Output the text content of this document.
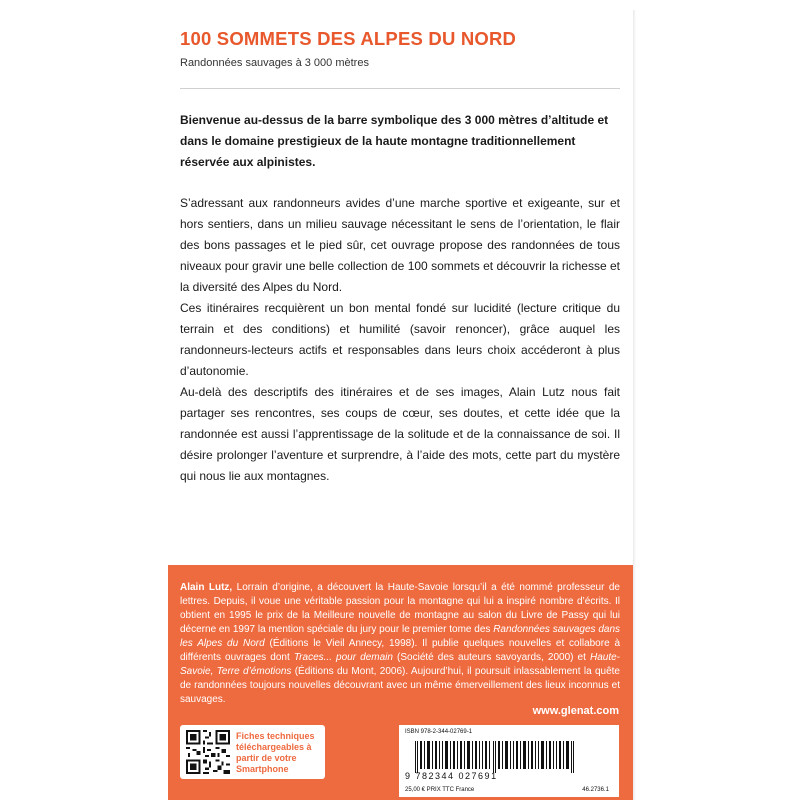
100 SOMMETS DES ALPES DU NORD
Randonnées sauvages à 3 000 mètres

Bienvenue au-dessus de la barre symbolique des 3 000 mètres d’altitude et dans le domaine prestigieux de la haute montagne traditionnellement réservée aux alpinistes.

S’adressant aux randonneurs avides d’une marche sportive et exigeante, sur et hors sentiers, dans un milieu sauvage nécessitant le sens de l’orientation, le flair des bons passages et le pied sûr, cet ouvrage propose des randonnées de tous niveaux pour gravir une belle collection de 100 sommets et découvrir la richesse et la diversité des Alpes du Nord.

Ces itinéraires recquièrent un bon mental fondé sur lucidité (lecture critique du terrain et des conditions) et humilité (savoir renoncer), grâce auquel les randonneurs-lecteurs actifs et responsables dans leurs choix accéderont à plus d’autonomie.

Au-delà des descriptifs des itinéraires et de ses images, Alain Lutz nous fait partager ses rencontres, ses coups de cœur, ses doutes, et cette idée que la randonnée est aussi l’apprentissage de la solitude et de la connaissance de soi. Il désire prolonger l’aventure et surprendre, à l’aide des mots, cette part du mystère qui nous lie aux montagnes.

Alain Lutz, Lorrain d’origine, a découvert la Haute-Savoie lorsqu’il a été nommé professeur de lettres. Depuis, il voue une véritable passion pour la montagne qui lui a inspiré nombre d’écrits. Il obtient en 1995 le prix de la Meilleure nouvelle de montagne au salon du Livre de Passy qui lui décerne en 1997 la mention spéciale du jury pour le premier tome des Randonnées sauvages dans les Alpes du Nord (Éditions le Vieil Annecy, 1998). Il publie quelques nouvelles et collabore à différents ouvrages dont Traces... pour demain (Société des auteurs savoyards, 2000) et Haute-Savoie, Terre d’émotions (Éditions du Mont, 2006). Aujourd’hui, il poursuit inlassablement la quête de randonnées toujours nouvelles découvrant avec un même émerveillement des lieux inconnus et sauvages.
www.glenat.com
Fiches techniques téléchargeables à partir de votre Smartphone
ISBN 978-2-344-02769-1
9 782344 027691
25,00 € PRIX TTC France	46.2736.1
